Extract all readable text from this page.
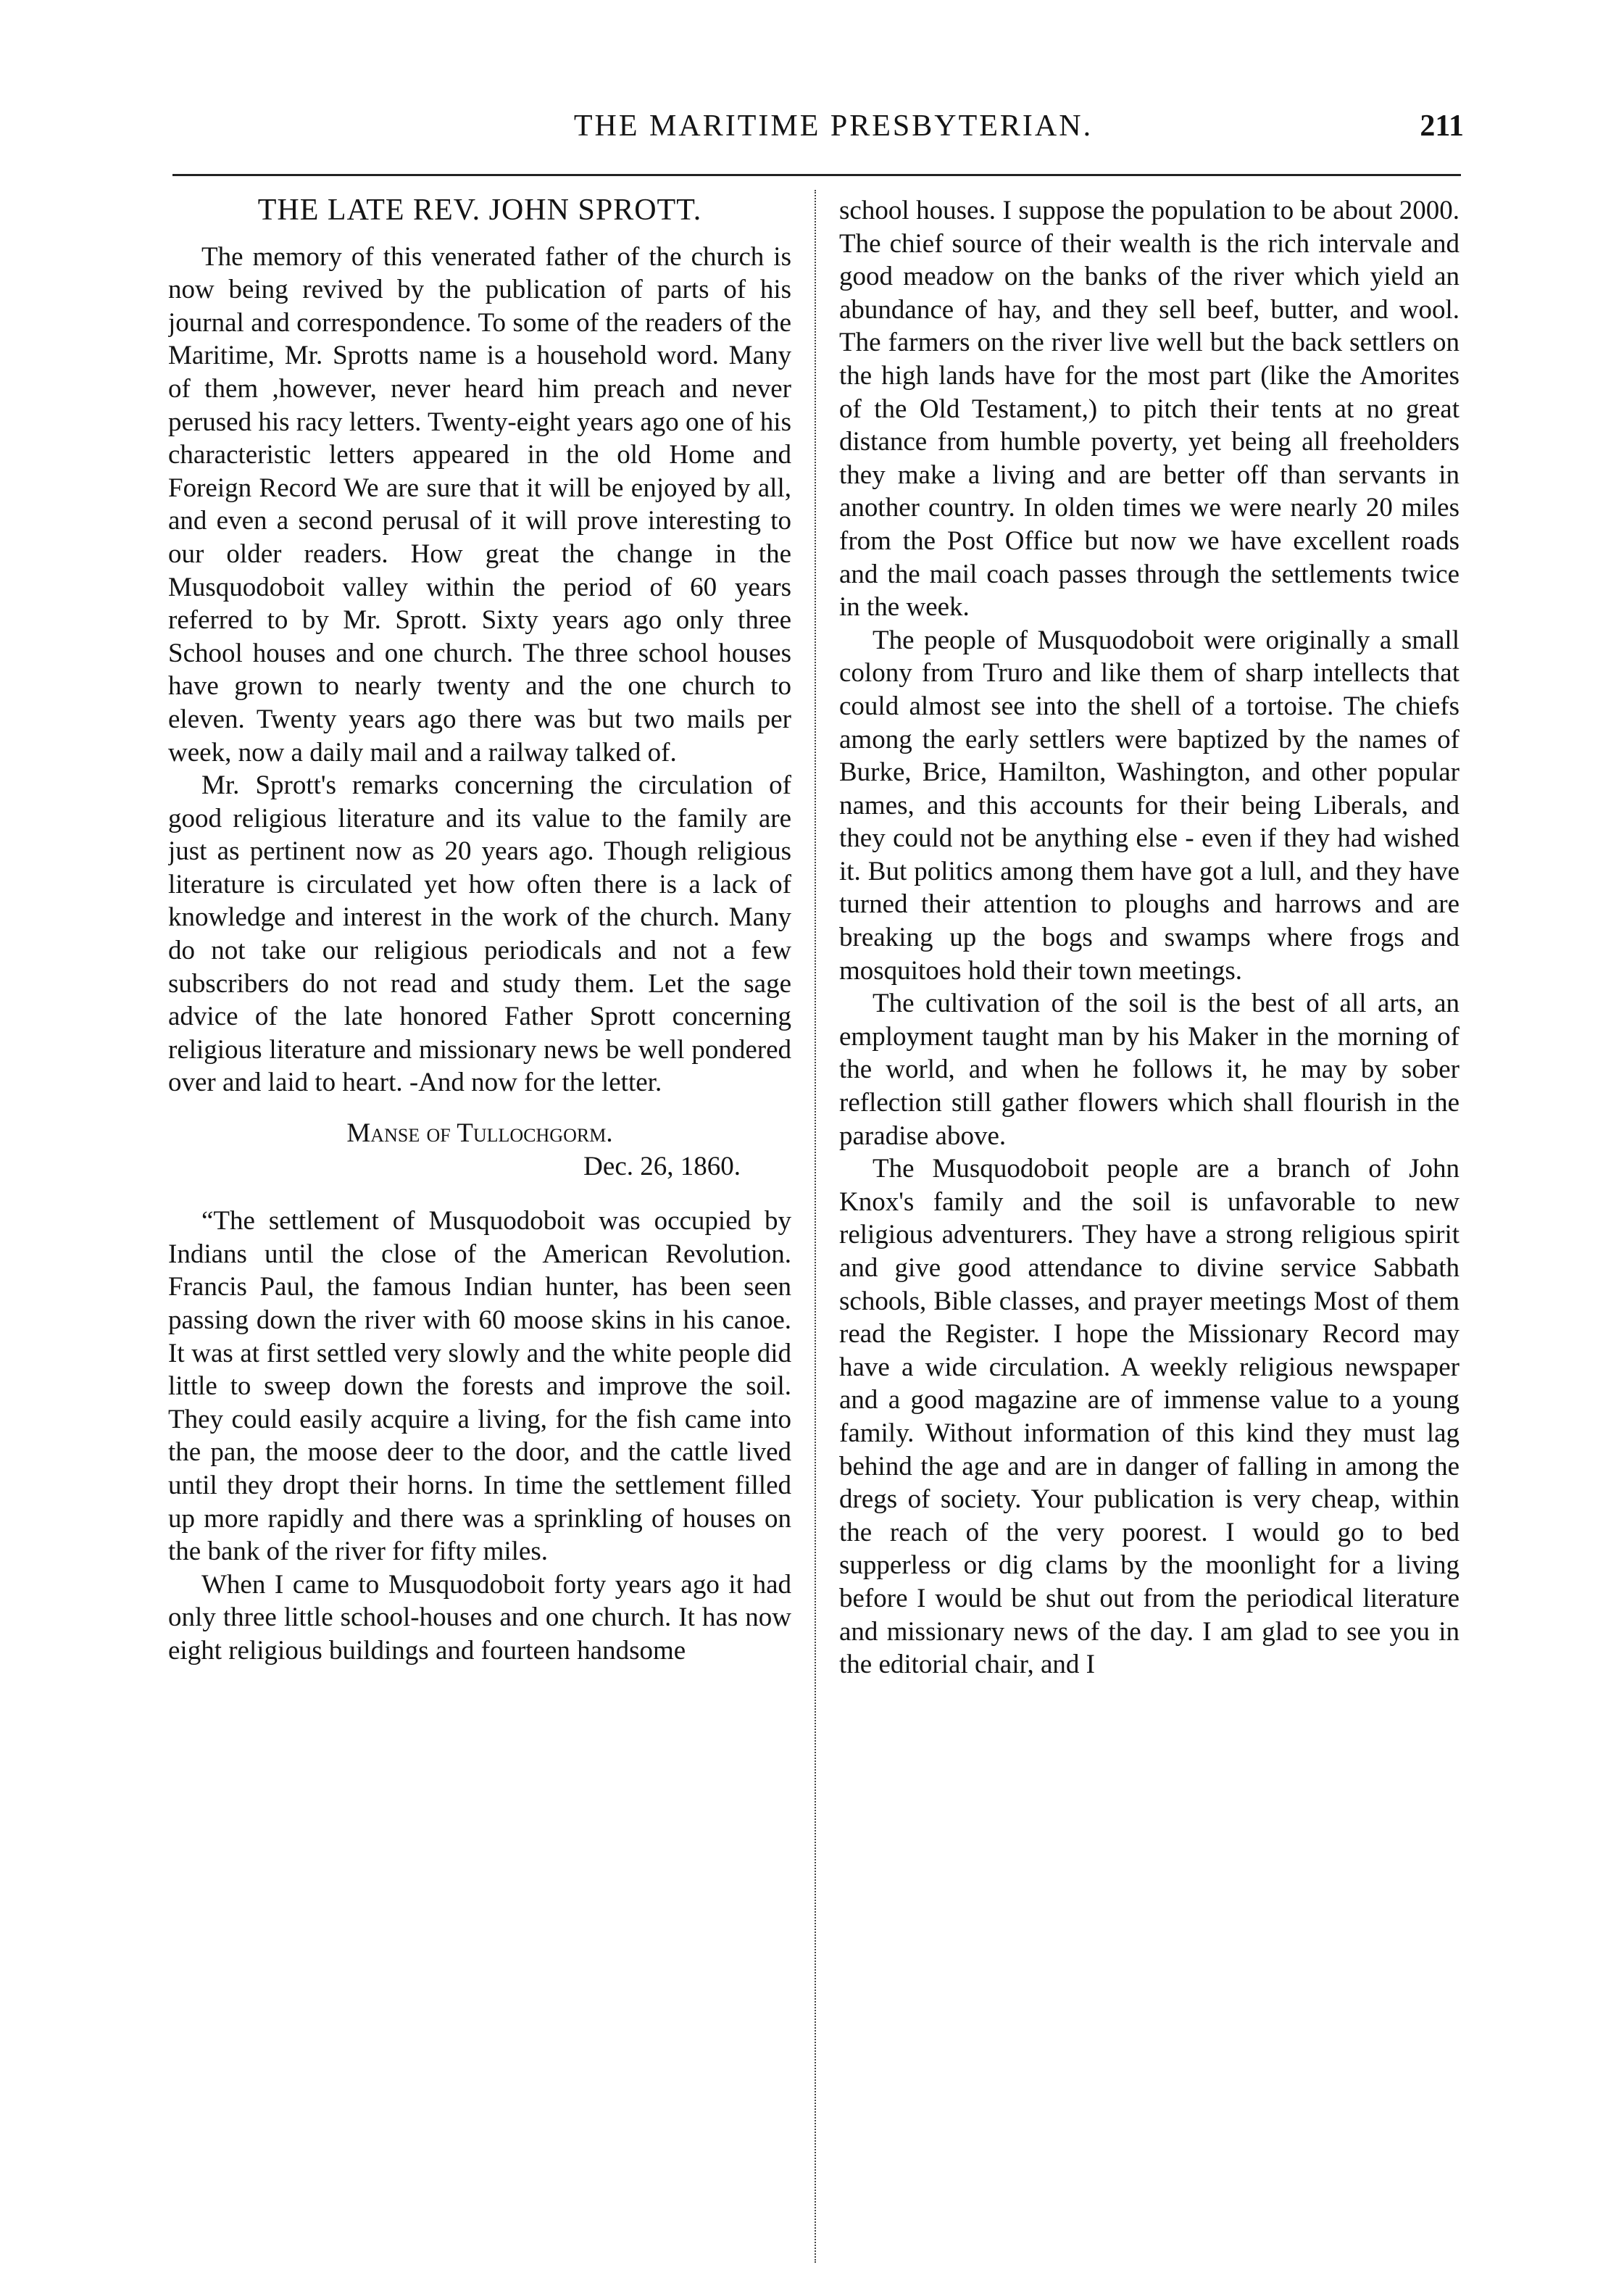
THE MARITIME PRESBYTERIAN.	211
THE LATE REV. JOHN SPROTT.

The memory of this venerated father of the church is now being revived by the publication of parts of his journal and correspondence. To some of the readers of the Maritime, Mr. Sprotts name is a household word. Many of them ,however, never heard him preach and never perused his racy letters. Twenty-eight years ago one of his characteristic letters appeared in the old Home and Foreign Record We are sure that it will be enjoyed by all, and even a second perusal of it will prove interesting to our older readers. How great the change in the Musquodoboit valley within the period of 60 years referred to by Mr. Sprott. Sixty years ago only three School houses and one church. The three school houses have grown to nearly twenty and the one church to eleven. Twenty years ago there was but two mails per week, now a daily mail and a railway talked of.

Mr. Sprott's remarks concerning the circulation of good religious literature and its value to the family are just as pertinent now as 20 years ago. Though religious literature is circulated yet how often there is a lack of knowledge and interest in the work of the church. Many do not take our religious periodicals and not a few subscribers do not read and study them. Let the sage advice of the late honored Father Sprott concerning religious literature and missionary news be well pondered over and laid to heart. -And now for the letter.

Manse of Tullochgorm.

Dec. 26, 1860.

“The settlement of Musquodoboit was occupied by Indians until the close of the American Revolution. Francis Paul, the famous Indian hunter, has been seen passing down the river with 60 moose skins in his canoe. It was at first settled very slowly and the white people did little to sweep down the forests and improve the soil. They could easily acquire a living, for the fish came into the pan, the moose deer to the door, and the cattle lived until they dropt their horns. In time the settlement filled up more rapidly and there was a sprinkling of houses on the bank of the river for fifty miles.

When I came to Musquodoboit forty years ago it had only three little school-houses and one church. It has now eight religious buildings and fourteen handsome

school houses. I suppose the population to be about 2000. The chief source of their wealth is the rich intervale and good meadow on the banks of the river which yield an abundance of hay, and they sell beef, butter, and wool. The farmers on the river live well but the back settlers on the high lands have for the most part (like the Amorites of the Old Testament,) to pitch their tents at no great distance from humble poverty, yet being all freeholders they make a living and are better off than servants in another country. In olden times we were nearly 20 miles from the Post Office but now we have excellent roads and the mail coach passes through the settlements twice in the week.

The people of Musquodoboit were originally a small colony from Truro and like them of sharp intellects that could almost see into the shell of a tortoise. The chiefs among the early settlers were baptized by the names of Burke, Brice, Hamilton, Washington, and other popular names, and this accounts for their being Liberals, and they could not be anything else - even if they had wished it. But politics among them have got a lull, and they have turned their attention to ploughs and harrows and are breaking up the bogs and swamps where frogs and mosquitoes hold their town meetings.

The cultivation of the soil is the best of all arts, an employment taught man by his Maker in the morning of the world, and when he follows it, he may by sober reflection still gather flowers which shall flourish in the paradise above.

The Musquodoboit people are a branch of John Knox's family and the soil is unfavorable to new religious adventurers. They have a strong religious spirit and give good attendance to divine service Sabbath schools, Bible classes, and prayer meetings Most of them read the Register. I hope the Missionary Record may have a wide circulation. A weekly religious newspaper and a good magazine are of immense value to a young family. Without information of this kind they must lag behind the age and are in danger of falling in among the dregs of society. Your publication is very cheap, within the reach of the very poorest. I would go to bed supperless or dig clams by the moonlight for a living before I would be shut out from the periodical literature and missionary news of the day. I am glad to see you in the editorial chair, and I
